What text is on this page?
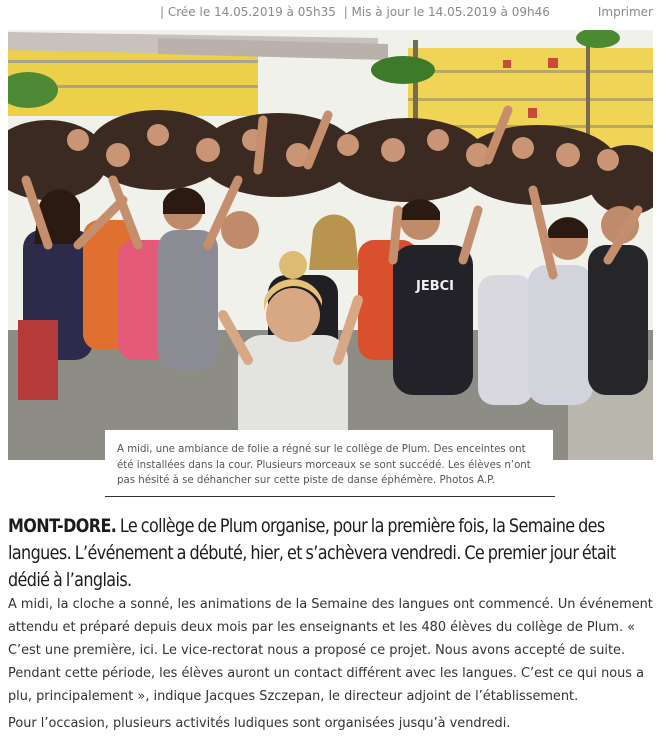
| Crée le 14.05.2019 à 05h35 | Mis à jour le 14.05.2019 à 09h46	Imprimer
JEBCI
A midi, une ambiance de folie a régné sur le collège de Plum. Des enceintes ont été installées dans la cour. Plusieurs morceaux se sont succédé. Les élèves n’ont pas hésité à se déhancher sur cette piste de danse éphémère. Photos A.P.
MONT-DORE. Le collège de Plum organise, pour la première fois, la Semaine des langues. L’événement a débuté, hier, et s’achèvera vendredi. Ce premier jour était dédié à l’anglais.
A midi, la cloche a sonné, les animations de la Semaine des langues ont commencé. Un événement attendu et préparé depuis deux mois par les enseignants et les 480 élèves du collège de Plum. « C’est une première, ici. Le vice-rectorat nous a proposé ce projet. Nous avons accepté de suite. Pendant cette période, les élèves auront un contact différent avec les langues. C’est ce qui nous a plu, principalement », indique Jacques Szczepan, le directeur adjoint de l’établissement.
Pour l’occasion, plusieurs activités ludiques sont organisées jusqu’à vendredi.
